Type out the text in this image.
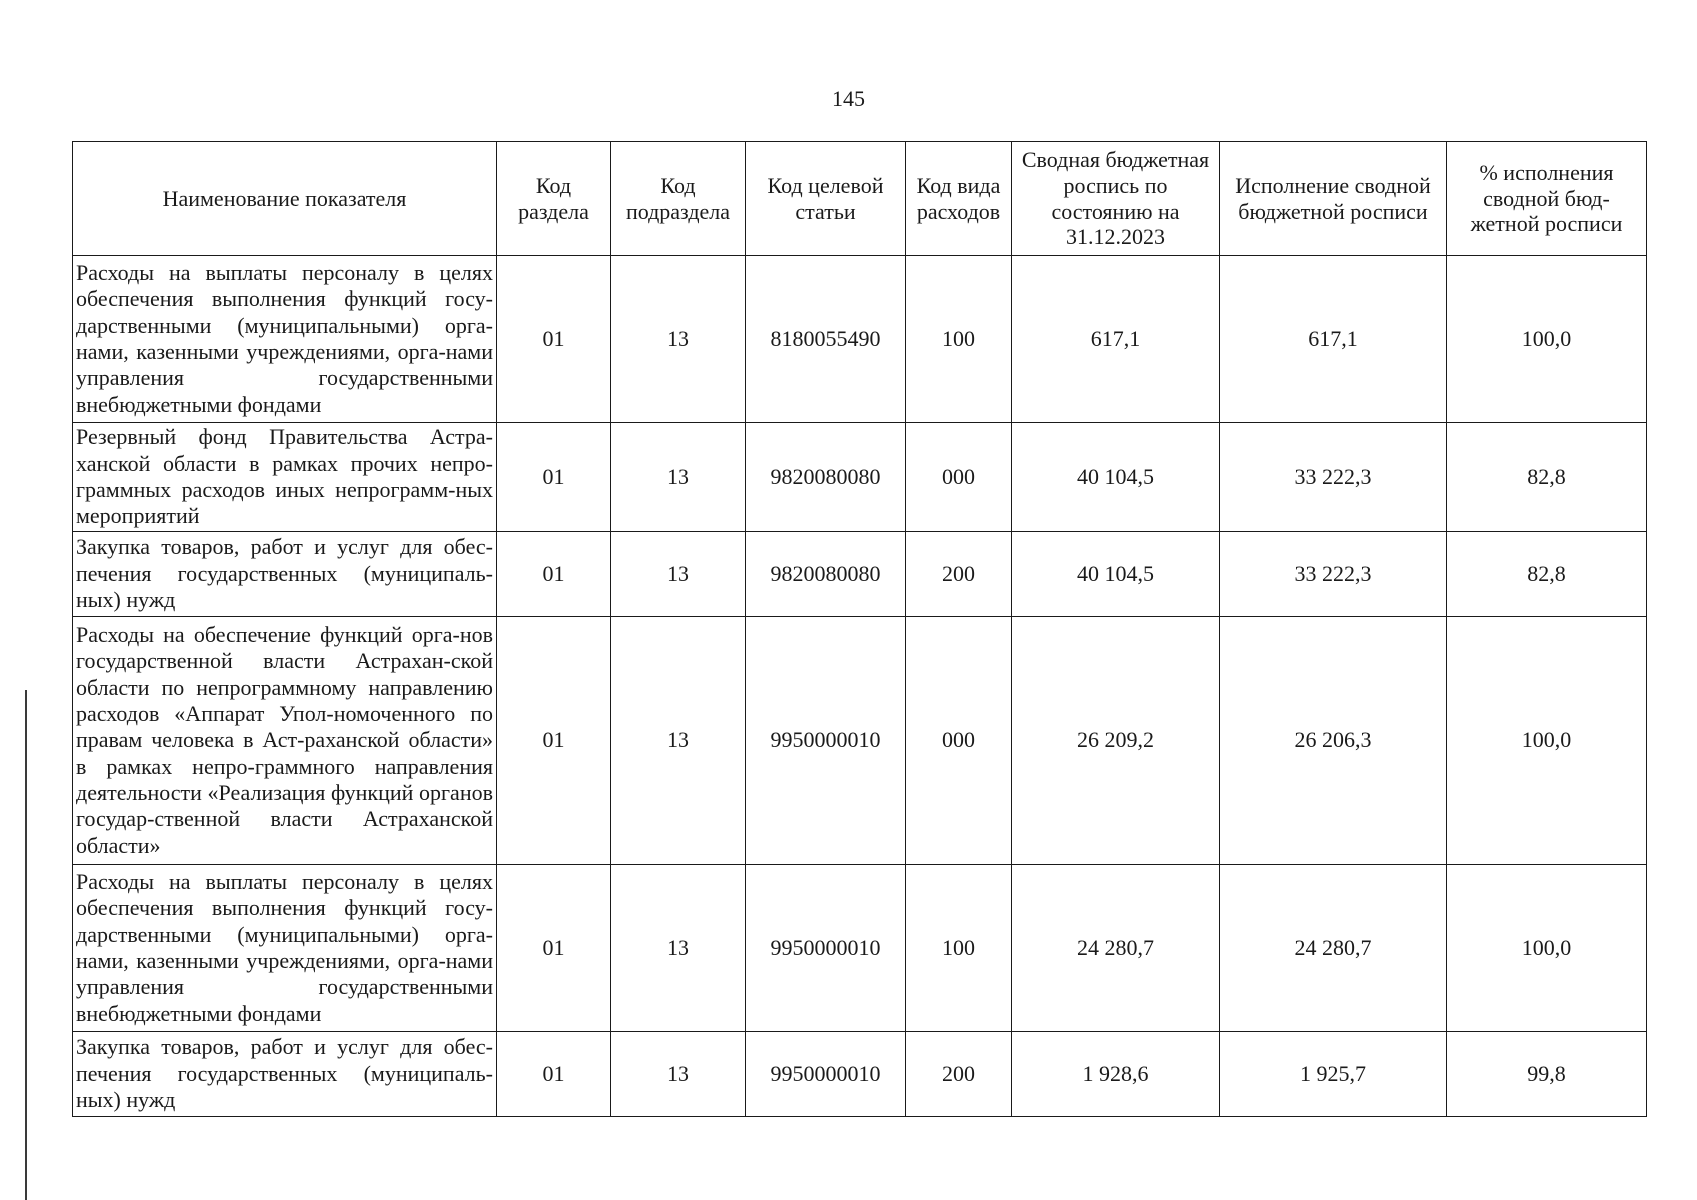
145
Наименование показателя	Код раздела	Код подраздела	Код целевой статьи	Код вида расходов	Сводная бюджетная роспись по состоянию на 31.12.2023	Исполнение сводной бюджетной росписи	% исполнения сводной бюд-жетной росписи
Расходы на выплаты персоналу в целях обеспечения выполнения функций госу-дарственными (муниципальными) орга-нами, казенными учреждениями, орга-нами управления государственными внебюджетными фондами	01	13	8180055490	100	617,1	617,1	100,0
Резервный фонд Правительства Астра-ханской области в рамках прочих непро-граммных расходов иных непрограмм-ных мероприятий	01	13	9820080080	000	40 104,5	33 222,3	82,8
Закупка товаров, работ и услуг для обес-печения государственных (муниципаль-ных) нужд	01	13	9820080080	200	40 104,5	33 222,3	82,8
Расходы на обеспечение функций орга-нов государственной власти Астрахан-ской области по непрограммному направлению расходов «Аппарат Упол-номоченного по правам человека в Аст-раханской области» в рамках непро-граммного направления деятельности «Реализация функций органов государ-ственной власти Астраханской области»	01	13	9950000010	000	26 209,2	26 206,3	100,0
Расходы на выплаты персоналу в целях обеспечения выполнения функций госу-дарственными (муниципальными) орга-нами, казенными учреждениями, орга-нами управления государственными внебюджетными фондами	01	13	9950000010	100	24 280,7	24 280,7	100,0
Закупка товаров, работ и услуг для обес-печения государственных (муниципаль-ных) нужд	01	13	9950000010	200	1 928,6	1 925,7	99,8
